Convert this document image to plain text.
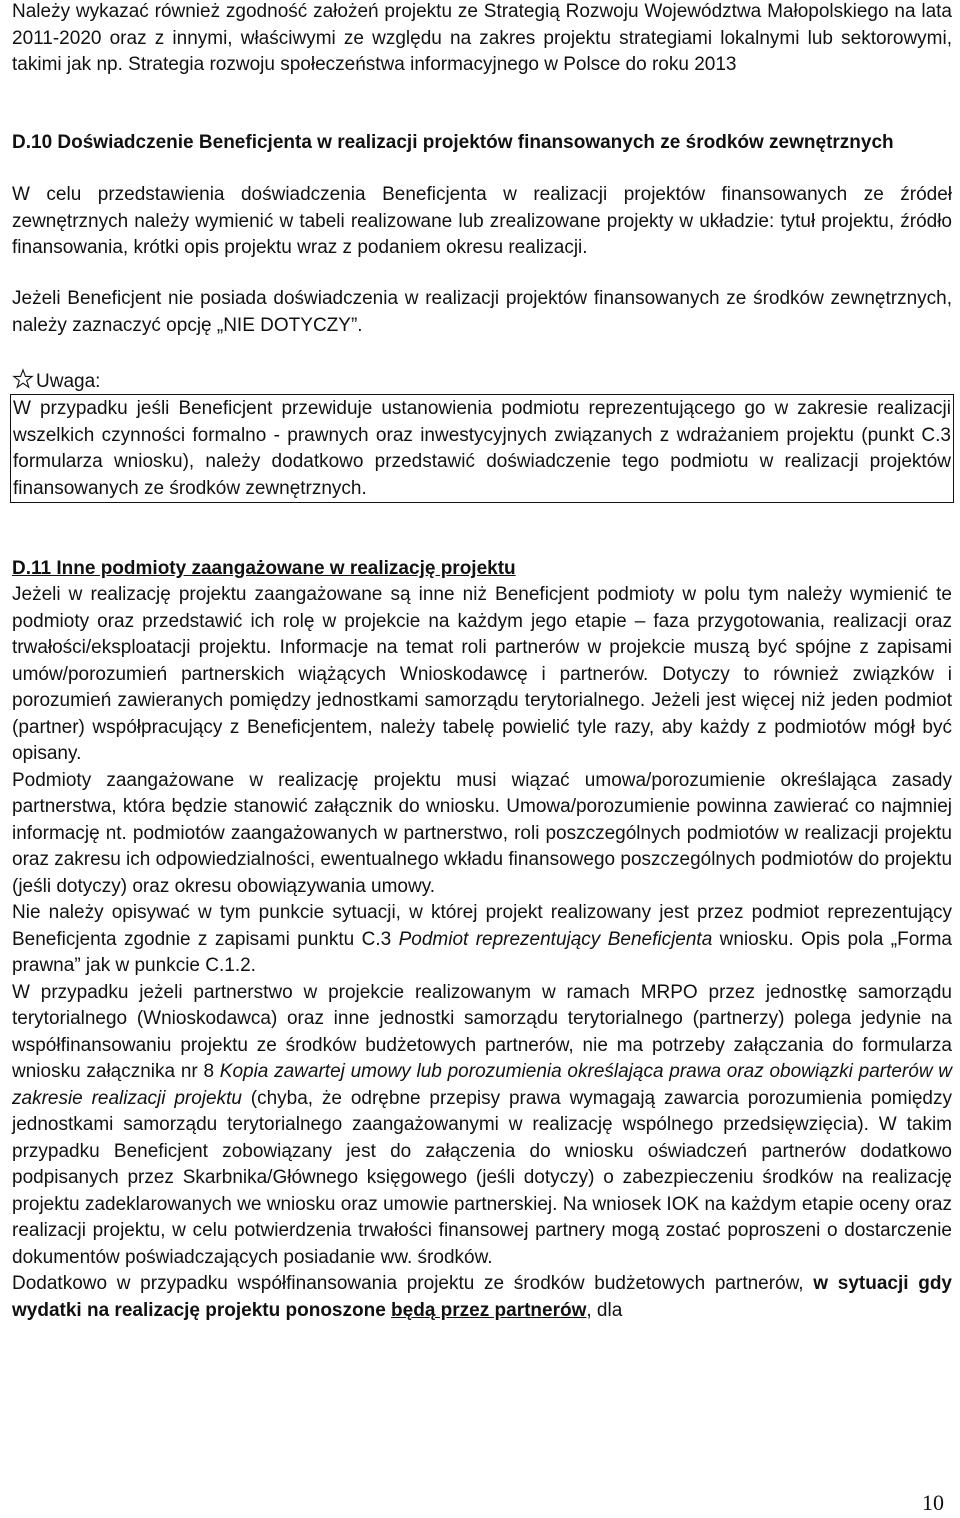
Należy wykazać również zgodność założeń projektu ze Strategią Rozwoju Województwa Małopolskiego na lata 2011-2020 oraz z innymi, właściwymi ze względu na zakres projektu strategiami lokalnymi lub sektorowymi, takimi jak np. Strategia rozwoju społeczeństwa informacyjnego w Polsce do roku 2013

D.10 Doświadczenie Beneficjenta w realizacji projektów finansowanych ze środków zewnętrznych

W celu przedstawienia doświadczenia Beneficjenta w realizacji projektów finansowanych ze źródeł zewnętrznych należy wymienić w tabeli realizowane lub zrealizowane projekty w układzie: tytuł projektu, źródło finansowania, krótki opis projektu wraz z podaniem okresu realizacji.

Jeżeli Beneficjent nie posiada doświadczenia w realizacji projektów finansowanych ze środków zewnętrznych, należy zaznaczyć opcję „NIE DOTYCZY”.

Uwaga:

W przypadku jeśli Beneficjent przewiduje ustanowienia podmiotu reprezentującego go w zakresie realizacji wszelkich czynności formalno - prawnych oraz inwestycyjnych związanych z wdrażaniem projektu (punkt C.3 formularza wniosku), należy dodatkowo przedstawić doświadczenie tego podmiotu w realizacji projektów finansowanych ze środków zewnętrznych.

D.11 Inne podmioty zaangażowane w realizację projektu

Jeżeli w realizację projektu zaangażowane są inne niż Beneficjent podmioty w polu tym należy wymienić te podmioty oraz przedstawić ich rolę w projekcie na każdym jego etapie – faza przygotowania, realizacji oraz trwałości/eksploatacji projektu. Informacje na temat roli partnerów w projekcie muszą być spójne z zapisami umów/porozumień partnerskich wiążących Wnioskodawcę i partnerów. Dotyczy to również związków i porozumień zawieranych pomiędzy jednostkami samorządu terytorialnego. Jeżeli jest więcej niż jeden podmiot (partner) współpracujący z Beneficjentem, należy tabelę powielić tyle razy, aby każdy z podmiotów mógł być opisany.

Podmioty zaangażowane w realizację projektu musi wiązać umowa/porozumienie określająca zasady partnerstwa, która będzie stanowić załącznik do wniosku. Umowa/porozumienie powinna zawierać co najmniej informację nt. podmiotów zaangażowanych w partnerstwo, roli poszczególnych podmiotów w realizacji projektu oraz zakresu ich odpowiedzialności, ewentualnego wkładu finansowego poszczególnych podmiotów do projektu (jeśli dotyczy) oraz okresu obowiązywania umowy.

Nie należy opisywać w tym punkcie sytuacji, w której projekt realizowany jest przez podmiot reprezentujący Beneficjenta zgodnie z zapisami punktu C.3 Podmiot reprezentujący Beneficjenta wniosku. Opis pola „Forma prawna” jak w punkcie C.1.2.

W przypadku jeżeli partnerstwo w projekcie realizowanym w ramach MRPO przez jednostkę samorządu terytorialnego (Wnioskodawca) oraz inne jednostki samorządu terytorialnego (partnerzy) polega jedynie na współfinansowaniu projektu ze środków budżetowych partnerów, nie ma potrzeby załączania do formularza wniosku załącznika nr 8 Kopia zawartej umowy lub porozumienia określająca prawa oraz obowiązki parterów w zakresie realizacji projektu (chyba, że odrębne przepisy prawa wymagają zawarcia porozumienia pomiędzy jednostkami samorządu terytorialnego zaangażowanymi w realizację wspólnego przedsięwzięcia). W takim przypadku Beneficjent zobowiązany jest do załączenia do wniosku oświadczeń partnerów dodatkowo podpisanych przez Skarbnika/Głównego księgowego (jeśli dotyczy) o zabezpieczeniu środków na realizację projektu zadeklarowanych we wniosku oraz umowie partnerskiej. Na wniosek IOK na każdym etapie oceny oraz realizacji projektu, w celu potwierdzenia trwałości finansowej partnery mogą zostać poproszeni o dostarczenie dokumentów poświadczających posiadanie ww. środków.

Dodatkowo w przypadku współfinansowania projektu ze środków budżetowych partnerów, w sytuacji gdy wydatki na realizację projektu ponoszone będą przez partnerów, dla

10
